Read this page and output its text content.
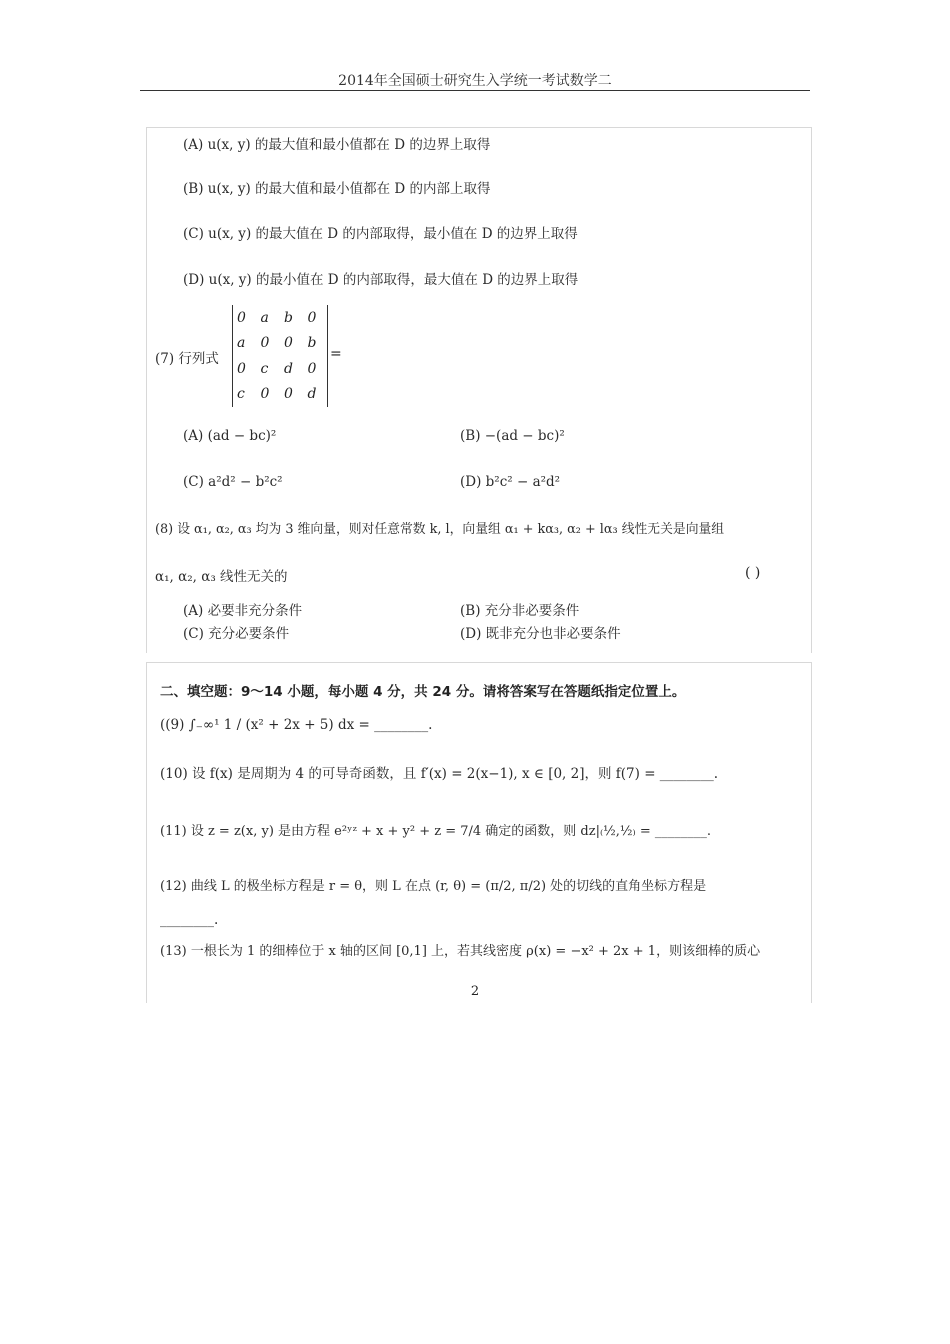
2014年全国硕士研究生入学统一考试数学二
(A) u(x, y) 的最大值和最小值都在 D 的边界上取得
(B) u(x, y) 的最大值和最小值都在 D 的内部上取得
(C) u(x, y) 的最大值在 D 的内部取得，最小值在 D 的边界上取得
(D) u(x, y) 的最小值在 D 的内部取得，最大值在 D 的边界上取得
(7) 行列式
0	a	b	0
a	0	0	b
0	c	d	0
c	0	0	d
=
(A) (ad − bc)²	(B) −(ad − bc)²
(C) a²d² − b²c²	(D) b²c² − a²d²
(8) 设 α₁, α₂, α₃ 均为 3 维向量，则对任意常数 k, l，向量组 α₁ + kα₃, α₂ + lα₃ 线性无关是向量组
α₁, α₂, α₃ 线性无关的	( )
(A) 必要非充分条件	(B) 充分非必要条件
(C) 充分必要条件	(D) 既非充分也非必要条件
二、填空题：9～14 小题，每小题 4 分，共 24 分。请将答案写在答题纸指定位置上。
((9) ∫₋∞¹ 1 / (x² + 2x + 5) dx = ________.
(10) 设 f(x) 是周期为 4 的可导奇函数，且 f′(x) = 2(x−1), x ∈ [0, 2]，则 f(7) = ________.
(11) 设 z = z(x, y) 是由方程 e²ʸᶻ + x + y² + z = 7/4 确定的函数，则 dz|₍½,½₎ = ________.
(12) 曲线 L 的极坐标方程是 r = θ，则 L 在点 (r, θ) = (π/2, π/2) 处的切线的直角坐标方程是
________.
(13) 一根长为 1 的细棒位于 x 轴的区间 [0,1] 上，若其线密度 ρ(x) = −x² + 2x + 1，则该细棒的质心
2
